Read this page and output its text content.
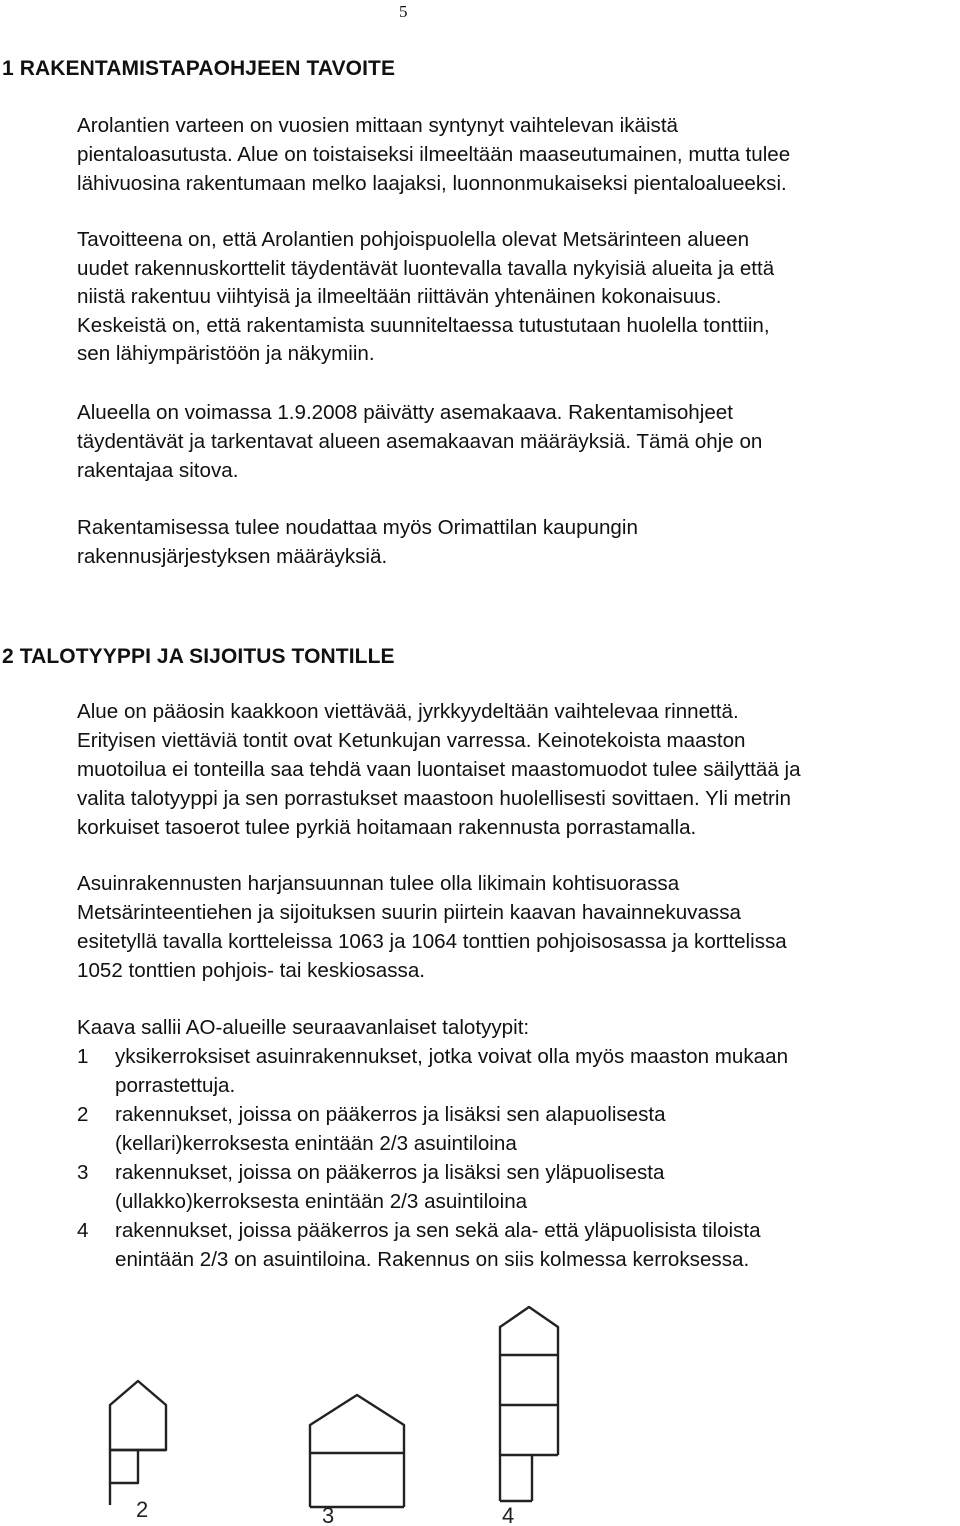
5
1 RAKENTAMISTAPAOHJEEN TAVOITE

Arolantien varteen on vuosien mittaan syntynyt vaihtelevan ikäistä
pientaloasutusta. Alue on toistaiseksi ilmeeltään maaseutumainen, mutta tulee
lähivuosina rakentumaan melko laajaksi, luonnonmukaiseksi pientaloalueeksi.

Tavoitteena on, että Arolantien pohjoispuolella olevat Metsärinteen alueen
uudet rakennuskorttelit täydentävät luontevalla tavalla nykyisiä alueita ja että
niistä rakentuu viihtyisä ja ilmeeltään riittävän yhtenäinen kokonaisuus.
Keskeistä on, että rakentamista suunniteltaessa tutustutaan huolella tonttiin,
sen lähiympäristöön ja näkymiin.

Alueella on voimassa 1.9.2008 päivätty asemakaava. Rakentamisohjeet
täydentävät ja tarkentavat alueen asemakaavan määräyksiä. Tämä ohje on
rakentajaa sitova.

Rakentamisessa tulee noudattaa myös Orimattilan kaupungin
rakennusjärjestyksen määräyksiä.

2 TALOTYYPPI JA SIJOITUS TONTILLE

Alue on pääosin kaakkoon viettävää, jyrkkyydeltään vaihtelevaa rinnettä.
Erityisen viettäviä tontit ovat Ketunkujan varressa. Keinotekoista maaston
muotoilua ei tonteilla saa tehdä vaan luontaiset maastomuodot tulee säilyttää ja
valita talotyyppi ja sen porrastukset maastoon huolellisesti sovittaen. Yli metrin
korkuiset tasoerot tulee pyrkiä hoitamaan rakennusta porrastamalla.

Asuinrakennusten harjansuunnan tulee olla likimain kohtisuorassa
Metsärinteentiehen ja sijoituksen suurin piirtein kaavan havainnekuvassa
esitetyllä tavalla kortteleissa 1063 ja 1064 tonttien pohjoisosassa ja korttelissa
1052 tonttien pohjois- tai keskiosassa.

Kaava sallii AO-alueille seuraavanlaiset talotyypit:

1	yksikerroksiset asuinrakennukset, jotka voivat olla myös maaston mukaan
porrastettuja.
2	rakennukset, joissa on pääkerros ja lisäksi sen alapuolisesta
(kellari)kerroksesta enintään 2/3 asuintiloina
3	rakennukset, joissa on pääkerros ja lisäksi sen yläpuolisesta
(ullakko)kerroksesta enintään 2/3 asuintiloina
4	rakennukset, joissa pääkerros ja sen sekä ala- että yläpuolisista tiloista
enintään 2/3 on asuintiloina. Rakennus on siis kolmessa kerroksessa.
2	3	4
